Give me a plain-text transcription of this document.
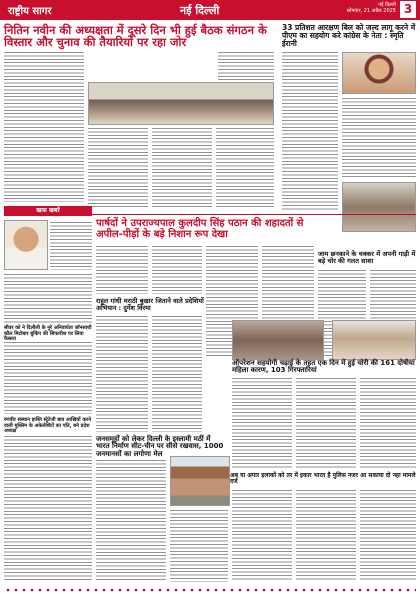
राष्ट्रीय सागर	नई दिल्ली	3
नई दिल्ली
सोमवार, 21 अप्रैल 2025
नितिन नवीन की अध्यक्षता में दूसरे दिन भी हुई बैठक संगठन के विस्तार और चुनाव की तैयारियों पर रहा जोर
33 प्रतिशत आरक्षण बिल को जल्द लागू करने में पीएम का सहयोग करे कांग्रेस के नेता : स्मृति ईरानी
खास खबरें
सीवर को ने दिलीली के नुरे अनिवार्यता जॉनसाथी कौल मिटोबार बुकिंग की सिफारीश पर लिया फैसला
रणवीर संस्थान हास्ति स्ट्रेटेजी बात्र आखियों करने वाली मुस्लिम के अकेलेशिंटों का पति, बने प्रदेश अध्यक्ष
पार्षदों ने उपराज्यपाल कुलदीप सिंह पठान की शहादतों से अपील-पीड़ों के बड़े निशान रूप देखा
जाम छनकाने के चक्कर में अपनी गाड़ी में बड़े चोर की गलत साशा
राहुल गांधी मराठी बुखार जिताने वाले प्रदेश‍ियों अभियान : दुर्गेश विरमा
ऑपरेशन सहयोगी चढ़ाई के तहत एक दिन में हुई चोरी की 161 दोषीयां महिला कारण, 103 गिरफ्तारियां
जनसमूहों को लेकर दिल्ली के इस्लामी मठीं में भारत निर्माण सीट-चीन पर सीसे रखवास, 1000 जनमानसों का लगोणा मेल
अब या अपार इलाकों को तर में इकार भारत है पुलिस नजर आ सकाया दो नहा मामले दर्ज
